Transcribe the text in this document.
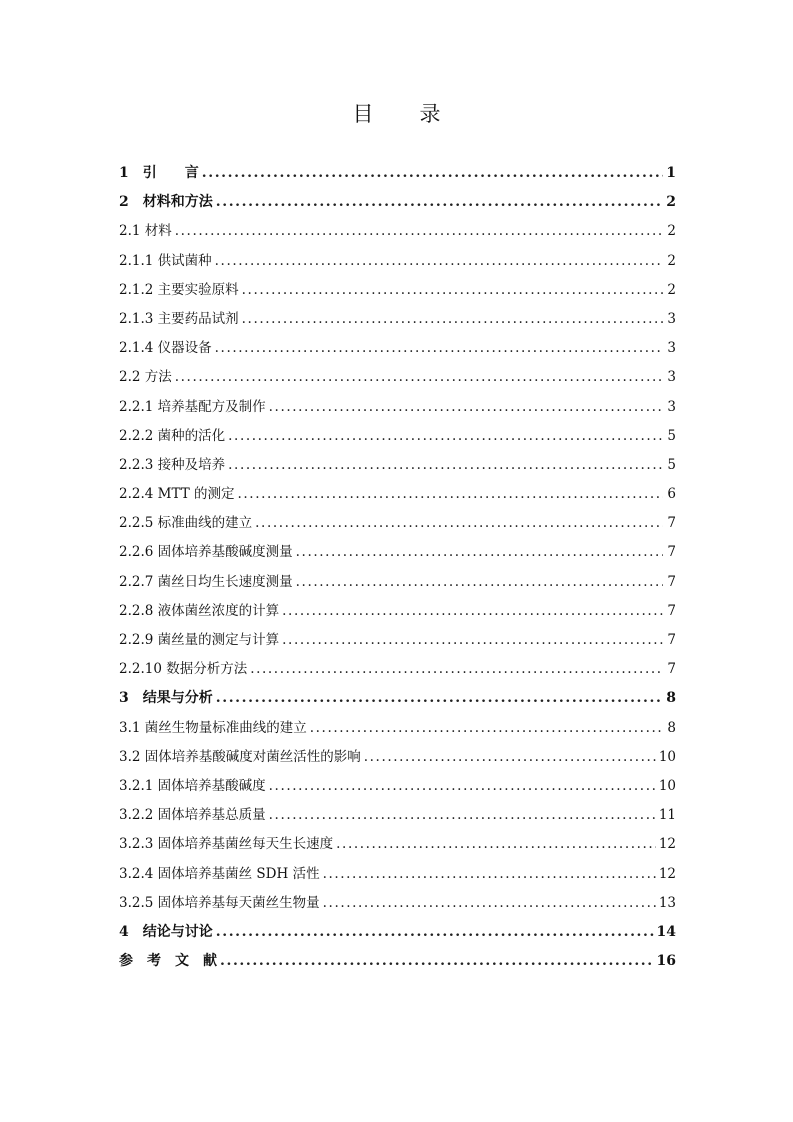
目 录
1　引　　言 .....	1
2　材料和方法 .....	2
2.1 材料 .....	2
2.1.1 供试菌种 .....	2
2.1.2 主要实验原料 .....	2
2.1.3 主要药品试剂 .....	3
2.1.4 仪器设备 .....	3
2.2 方法 .....	3
2.2.1 培养基配方及制作 .....	3
2.2.2 菌种的活化 .....	5
2.2.3 接种及培养 .....	5
2.2.4 MTT 的测定 .....	6
2.2.5 标准曲线的建立 .....	7
2.2.6 固体培养基酸碱度测量 .....	7
2.2.7 菌丝日均生长速度测量 .....	7
2.2.8 液体菌丝浓度的计算 .....	7
2.2.9 菌丝量的测定与计算 .....	7
2.2.10 数据分析方法 .....	7
3　结果与分析 .....	8
3.1 菌丝生物量标准曲线的建立 .....	8
3.2 固体培养基酸碱度对菌丝活性的影响 .....	10
3.2.1 固体培养基酸碱度 .....	10
3.2.2 固体培养基总质量 .....	11
3.2.3 固体培养基菌丝每天生长速度 .....	12
3.2.4 固体培养基菌丝 SDH 活性 .....	12
3.2.5 固体培养基每天菌丝生物量 .....	13
4　结论与讨论 .....	14
参　考　文　献 .....	16
